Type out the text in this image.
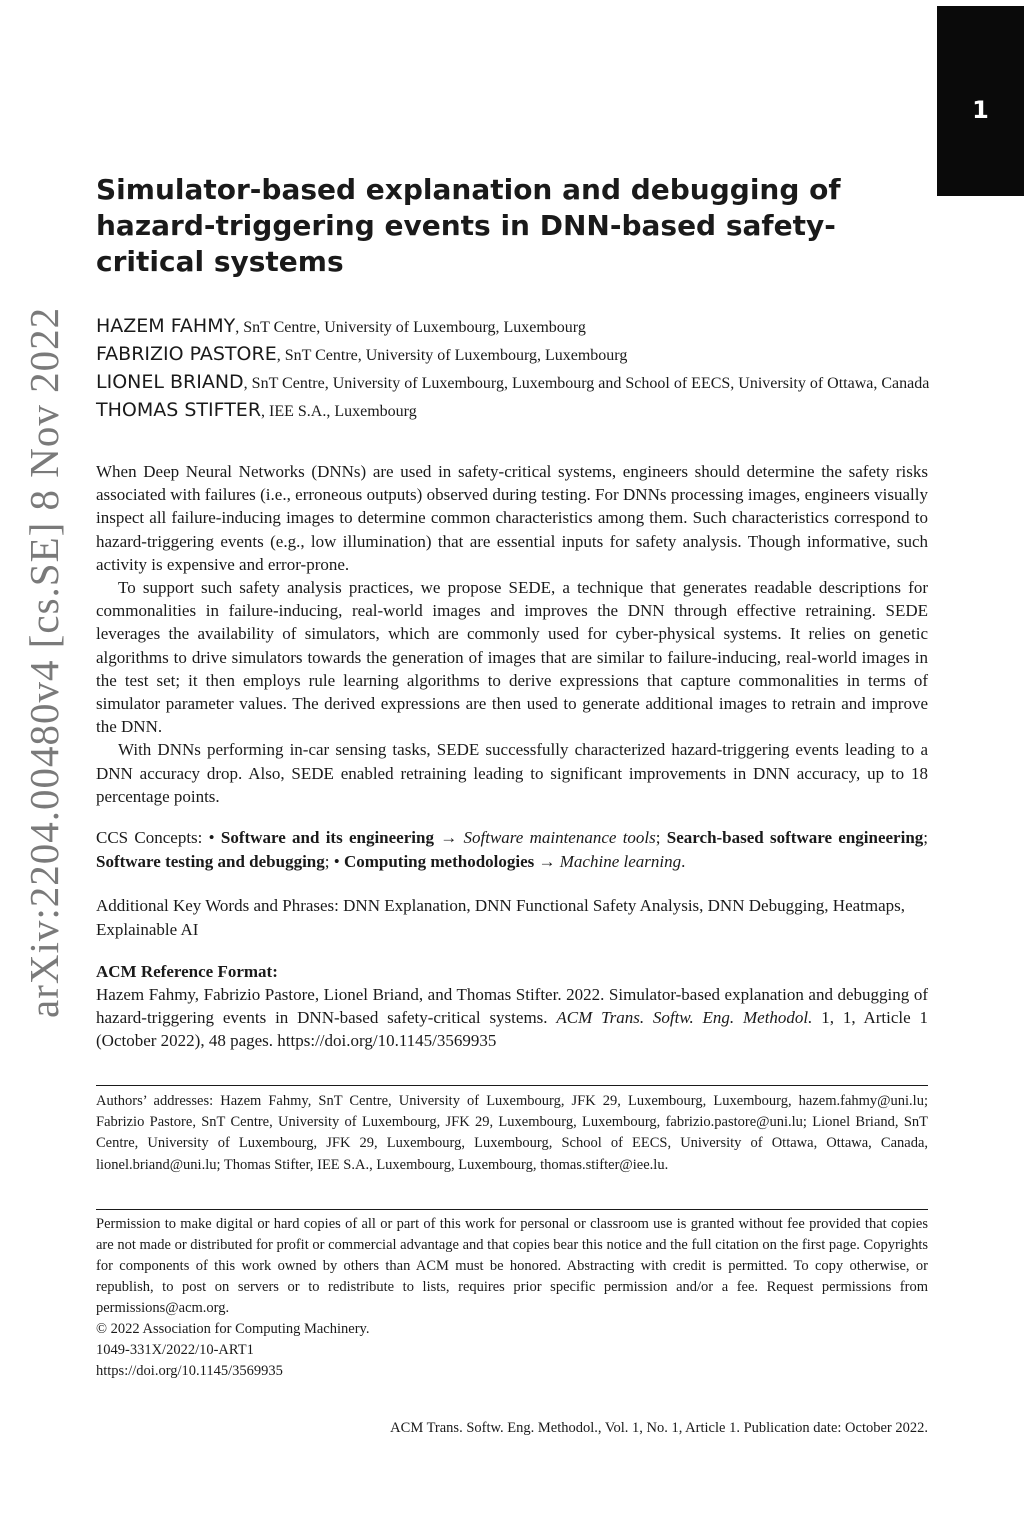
1
arXiv:2204.00480v4 [cs.SE] 8 Nov 2022
Simulator-based explanation and debugging of hazard-triggering events in DNN-based safety-critical systems
HAZEM FAHMY, SnT Centre, University of Luxembourg, Luxembourg
FABRIZIO PASTORE, SnT Centre, University of Luxembourg, Luxembourg
LIONEL BRIAND, SnT Centre, University of Luxembourg, Luxembourg and School of EECS, University of Ottawa, Canada
THOMAS STIFTER, IEE S.A., Luxembourg

When Deep Neural Networks (DNNs) are used in safety-critical systems, engineers should determine the safety risks associated with failures (i.e., erroneous outputs) observed during testing. For DNNs processing images, engineers visually inspect all failure-inducing images to determine common characteristics among them. Such characteristics correspond to hazard-triggering events (e.g., low illumination) that are essential inputs for safety analysis. Though informative, such activity is expensive and error-prone.

To support such safety analysis practices, we propose SEDE, a technique that generates readable descriptions for commonalities in failure-inducing, real-world images and improves the DNN through effective retraining. SEDE leverages the availability of simulators, which are commonly used for cyber-physical systems. It relies on genetic algorithms to drive simulators towards the generation of images that are similar to failure-inducing, real-world images in the test set; it then employs rule learning algorithms to derive expressions that capture commonalities in terms of simulator parameter values. The derived expressions are then used to generate additional images to retrain and improve the DNN.

With DNNs performing in-car sensing tasks, SEDE successfully characterized hazard-triggering events leading to a DNN accuracy drop. Also, SEDE enabled retraining leading to significant improvements in DNN accuracy, up to 18 percentage points.

CCS Concepts: • Software and its engineering → Software maintenance tools; Search-based software engineering; Software testing and debugging; • Computing methodologies → Machine learning.
Additional Key Words and Phrases: DNN Explanation, DNN Functional Safety Analysis, DNN Debugging, Heatmaps, Explainable AI
ACM Reference Format:
Hazem Fahmy, Fabrizio Pastore, Lionel Briand, and Thomas Stifter. 2022. Simulator-based explanation and debugging of hazard-triggering events in DNN-based safety-critical systems. ACM Trans. Softw. Eng. Methodol. 1, 1, Article 1 (October 2022), 48 pages. https://doi.org/10.1145/3569935
Authors’ addresses: Hazem Fahmy, SnT Centre, University of Luxembourg, JFK 29, Luxembourg, Luxembourg, hazem.fahmy@uni.lu; Fabrizio Pastore, SnT Centre, University of Luxembourg, JFK 29, Luxembourg, Luxembourg, fabrizio.pastore@uni.lu; Lionel Briand, SnT Centre, University of Luxembourg, JFK 29, Luxembourg, Luxembourg, School of EECS, University of Ottawa, Ottawa, Canada, lionel.briand@uni.lu; Thomas Stifter, IEE S.A., Luxembourg, Luxembourg, thomas.stifter@iee.lu.
Permission to make digital or hard copies of all or part of this work for personal or classroom use is granted without fee provided that copies are not made or distributed for profit or commercial advantage and that copies bear this notice and the full citation on the first page. Copyrights for components of this work owned by others than ACM must be honored. Abstracting with credit is permitted. To copy otherwise, or republish, to post on servers or to redistribute to lists, requires prior specific permission and/or a fee. Request permissions from permissions@acm.org.
© 2022 Association for Computing Machinery.
1049-331X/2022/10-ART1
https://doi.org/10.1145/3569935
ACM Trans. Softw. Eng. Methodol., Vol. 1, No. 1, Article 1. Publication date: October 2022.
